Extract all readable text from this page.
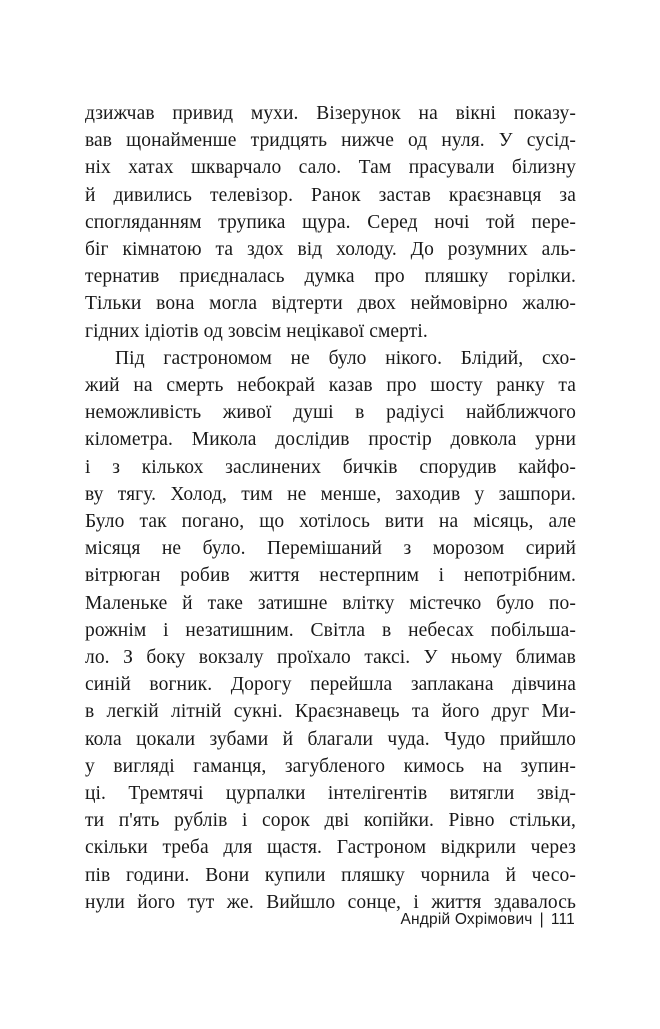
дзижчав привид мухи. Візерунок на вікні показу-
вав щонайменше тридцять нижче од нуля. У сусід-
ніх хатах шкварчало сало. Там прасували білизну
й дивились телевізор. Ранок застав краєзнавця за
спогляданням трупика щура. Серед ночі той пере-
біг кімнатою та здох від холоду. До розумних аль-
тернатив приєдналась думка про пляшку горілки.
Тільки вона могла відтерти двох неймовірно жалю-
гідних ідіотів од зовсім нецікавої смерті.
Під гастрономом не було нікого. Блідий, схо-
жий на смерть небокрай казав про шосту ранку та
неможливість живої душі в радіусі найближчого
кілометра. Микола дослідив простір довкола урни
і з кількох заслинених бичків спорудив кайфо-
ву тягу. Холод, тим не менше, заходив у зашпори.
Було так погано, що хотілось вити на місяць, але
місяця не було. Перемішаний з морозом сирий
вітрюган робив життя нестерпним і непотрібним.
Маленьке й таке затишне влітку містечко було по-
рожнім і незатишним. Світла в небесах побільша-
ло. З боку вокзалу проїхало таксі. У ньому блимав
синій вогник. Дорогу перейшла заплакана дівчина
в легкій літній сукні. Краєзнавець та його друг Ми-
кола цокали зубами й благали чуда. Чудо прийшло
у вигляді гаманця, загубленого кимось на зупин-
ці. Тремтячі цурпалки інтелігентів витягли звід-
ти п'ять рублів і сорок дві копійки. Рівно стільки,
скільки треба для щастя. Гастроном відкрили через
пів години. Вони купили пляшку чорнила й чесо-
нули його тут же. Вийшло сонце, і життя здавалось
Андрій Охрімович | 111
